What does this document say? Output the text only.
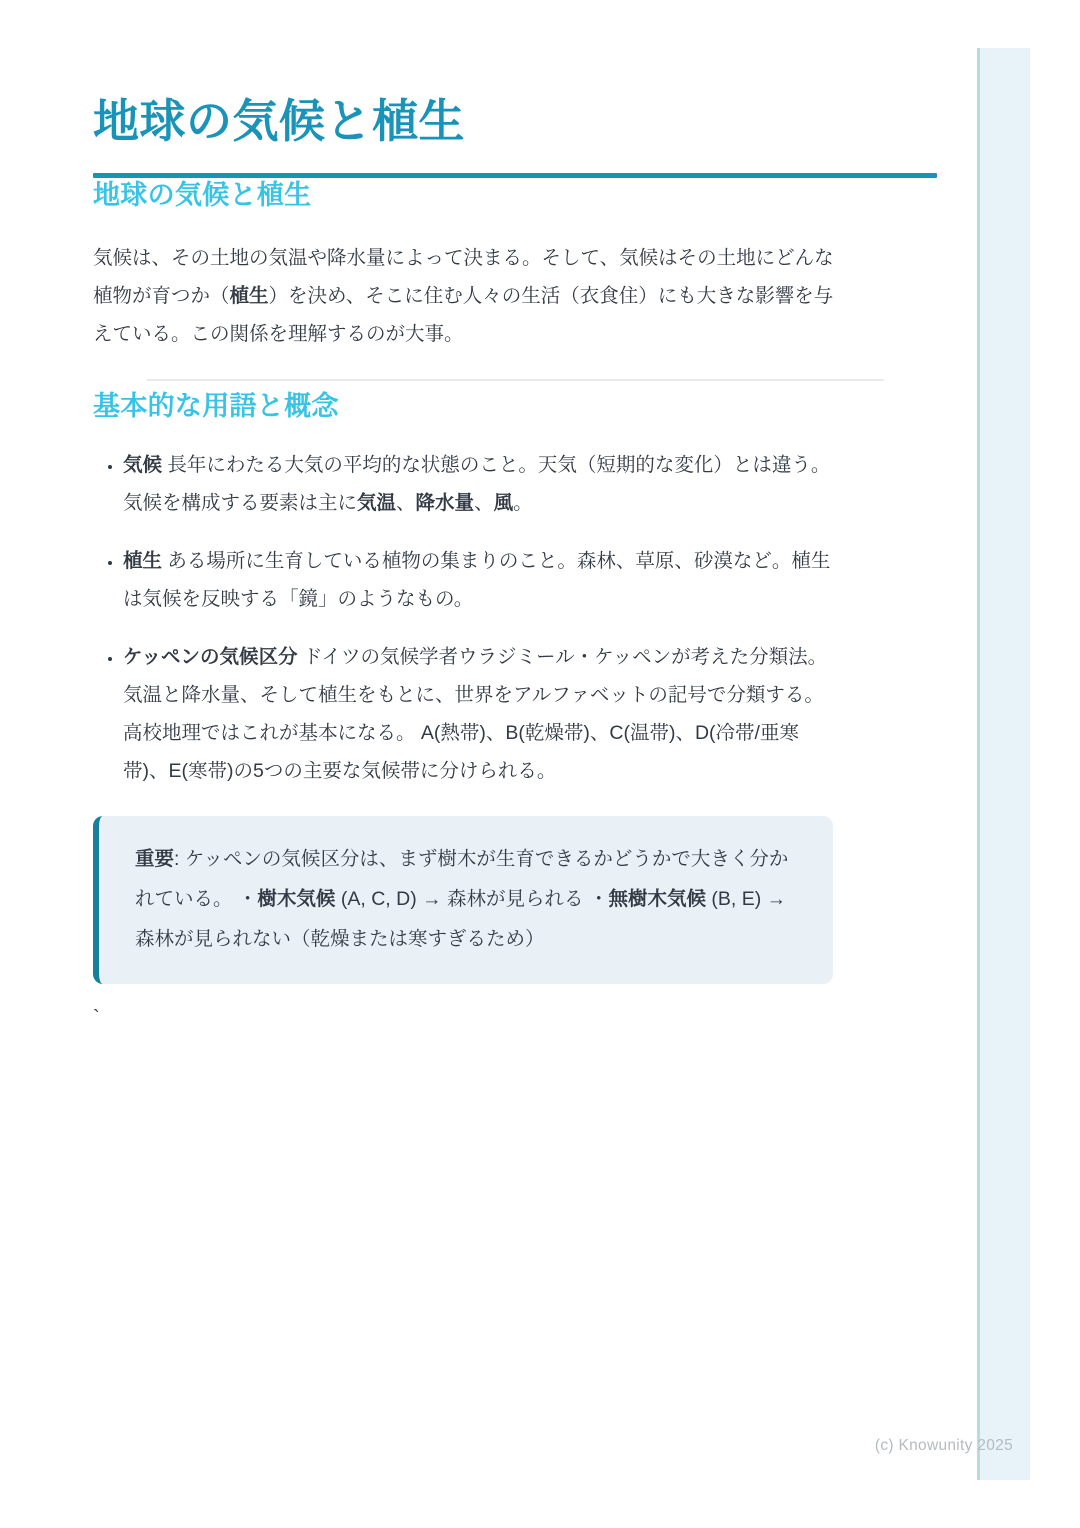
地球の気候と植生
地球の気候と植生

気候は、その土地の気温や降水量によって決まる。そして、気候はその土地にどんな植物が育つか（植生）を決め、そこに住む人々の生活（衣食住）にも大きな影響を与えている。この関係を理解するのが大事。

基本的な用語と概念
• 気候 長年にわたる大気の平均的な状態のこと。天気（短期的な変化）とは違う。 気候を構成する要素は主に気温、降水量、風。
• 植生 ある場所に生育している植物の集まりのこと。森林、草原、砂漠など。植生は気候を反映する「鏡」のようなもの。
• ケッペンの気候区分 ドイツの気候学者ウラジミール・ケッペンが考えた分類法。気温と降水量、そして植生をもとに、世界をアルファベットの記号で分類する。高校地理ではこれが基本になる。 A(熱帯)、B(乾燥帯)、C(温帯)、D(冷帯/亜寒帯)、E(寒帯)の5つの主要な気候帯に分けられる。
重要: ケッペンの気候区分は、まず樹木が生育できるかどうかで大きく分かれている。 ・樹木気候 (A, C, D) → 森林が見られる ・無樹木気候 (B, E) → 森林が見られない（乾燥または寒すぎるため）
`
(c) Knowunity 2025
